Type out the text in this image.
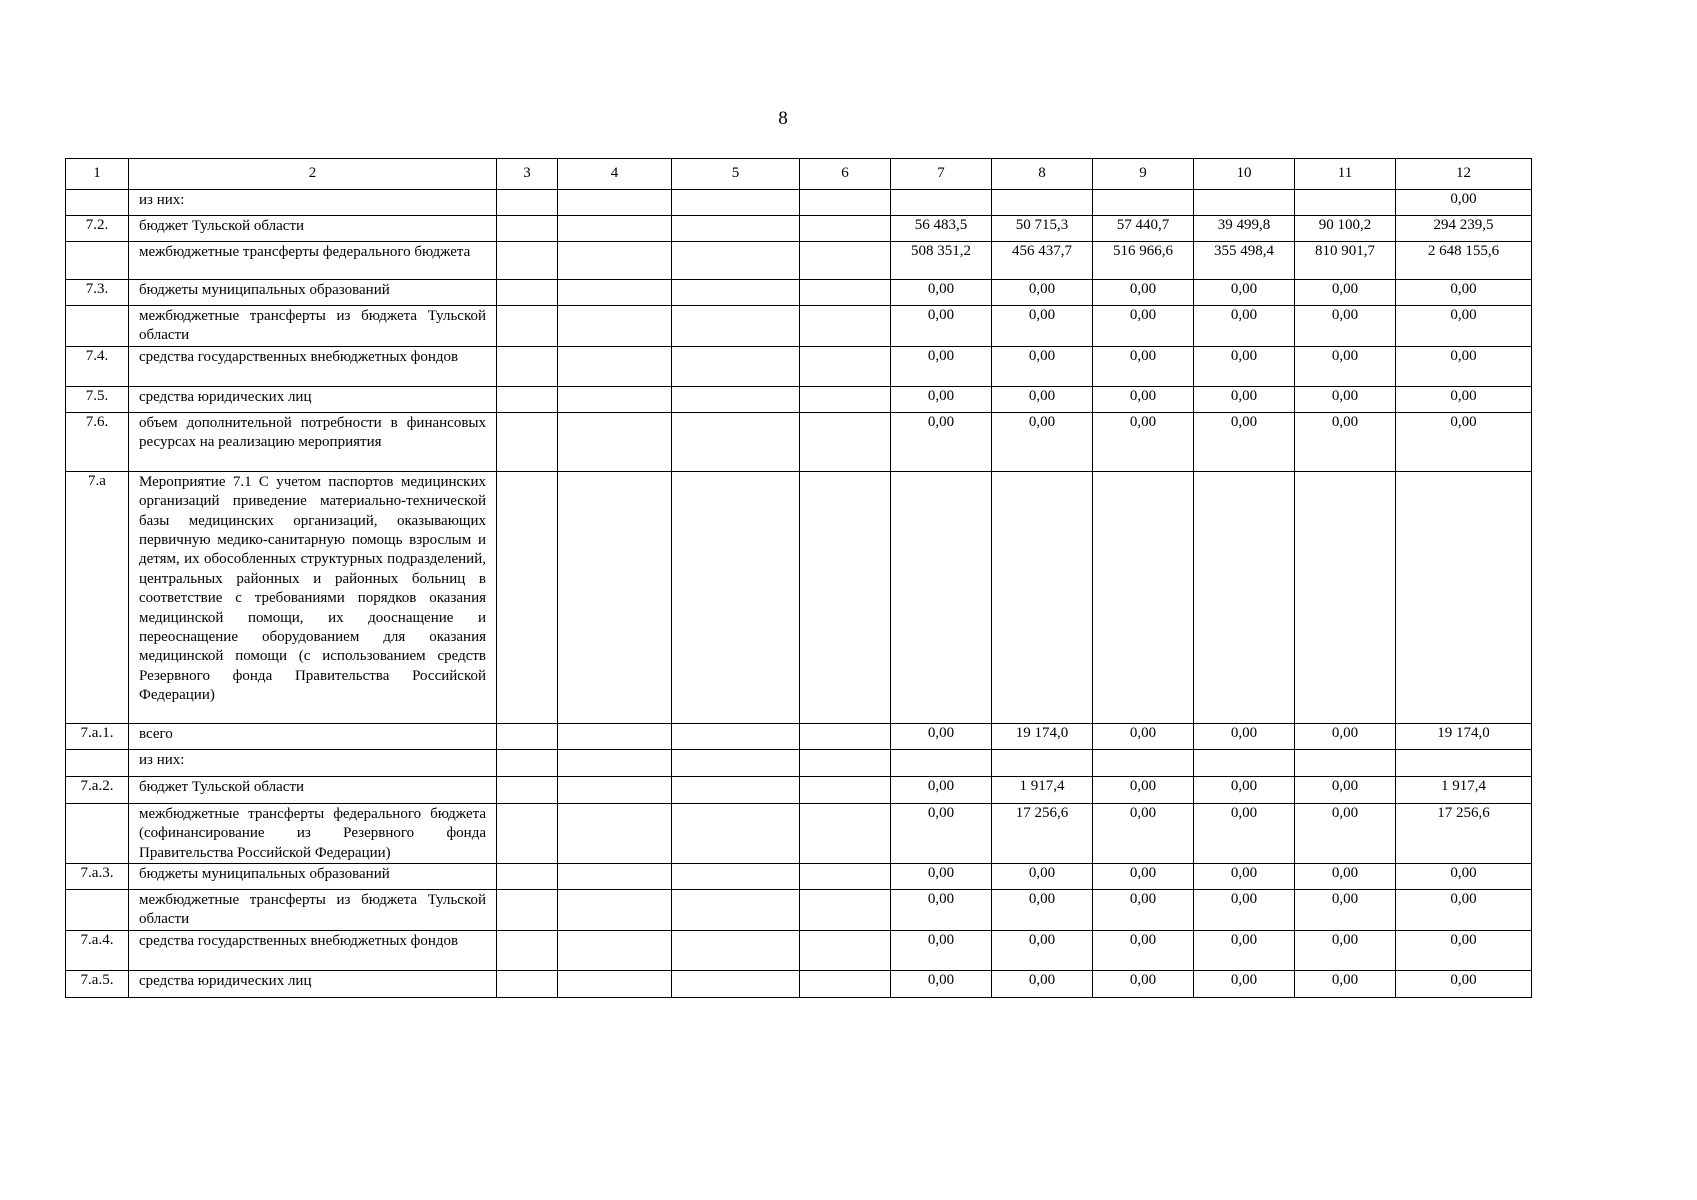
8
1	2	3	4	5	6	7	8	9	10	11	12
	из них:										0,00
7.2.	бюджет Тульской области					56 483,5	50 715,3	57 440,7	39 499,8	90 100,2	294 239,5
	межбюджетные трансферты федерального бюджета					508 351,2	456 437,7	516 966,6	355 498,4	810 901,7	2 648 155,6
7.3.	бюджеты муниципальных образований					0,00	0,00	0,00	0,00	0,00	0,00
	межбюджетные трансферты из бюджета Тульской области					0,00	0,00	0,00	0,00	0,00	0,00
7.4.	средства государственных внебюджетных фондов					0,00	0,00	0,00	0,00	0,00	0,00
7.5.	средства юридических лиц					0,00	0,00	0,00	0,00	0,00	0,00
7.6.	объем дополнительной потребности в финансовых ресурсах на реализацию мероприятия					0,00	0,00	0,00	0,00	0,00	0,00
7.а	Мероприятие 7.1 С учетом паспортов медицинских организаций приведение материально-технической базы медицинских организаций, оказывающих первичную медико-санитарную помощь взрослым и детям, их обособленных структурных подразделений, центральных районных и районных больниц в соответствие с требованиями порядков оказания медицинской помощи, их дооснащение и переоснащение оборудованием для оказания медицинской помощи (с использованием средств Резервного фонда Правительства Российской Федерации)										
7.а.1.	всего					0,00	19 174,0	0,00	0,00	0,00	19 174,0
	из них:										
7.а.2.	бюджет Тульской области					0,00	1 917,4	0,00	0,00	0,00	1 917,4
	межбюджетные трансферты федерального бюджета (софинансирование из Резервного фонда Правительства Российской Федерации)					0,00	17 256,6	0,00	0,00	0,00	17 256,6
7.а.3.	бюджеты муниципальных образований					0,00	0,00	0,00	0,00	0,00	0,00
	межбюджетные трансферты из бюджета Тульской области					0,00	0,00	0,00	0,00	0,00	0,00
7.а.4.	средства государственных внебюджетных фондов					0,00	0,00	0,00	0,00	0,00	0,00
7.а.5.	средства юридических лиц					0,00	0,00	0,00	0,00	0,00	0,00
